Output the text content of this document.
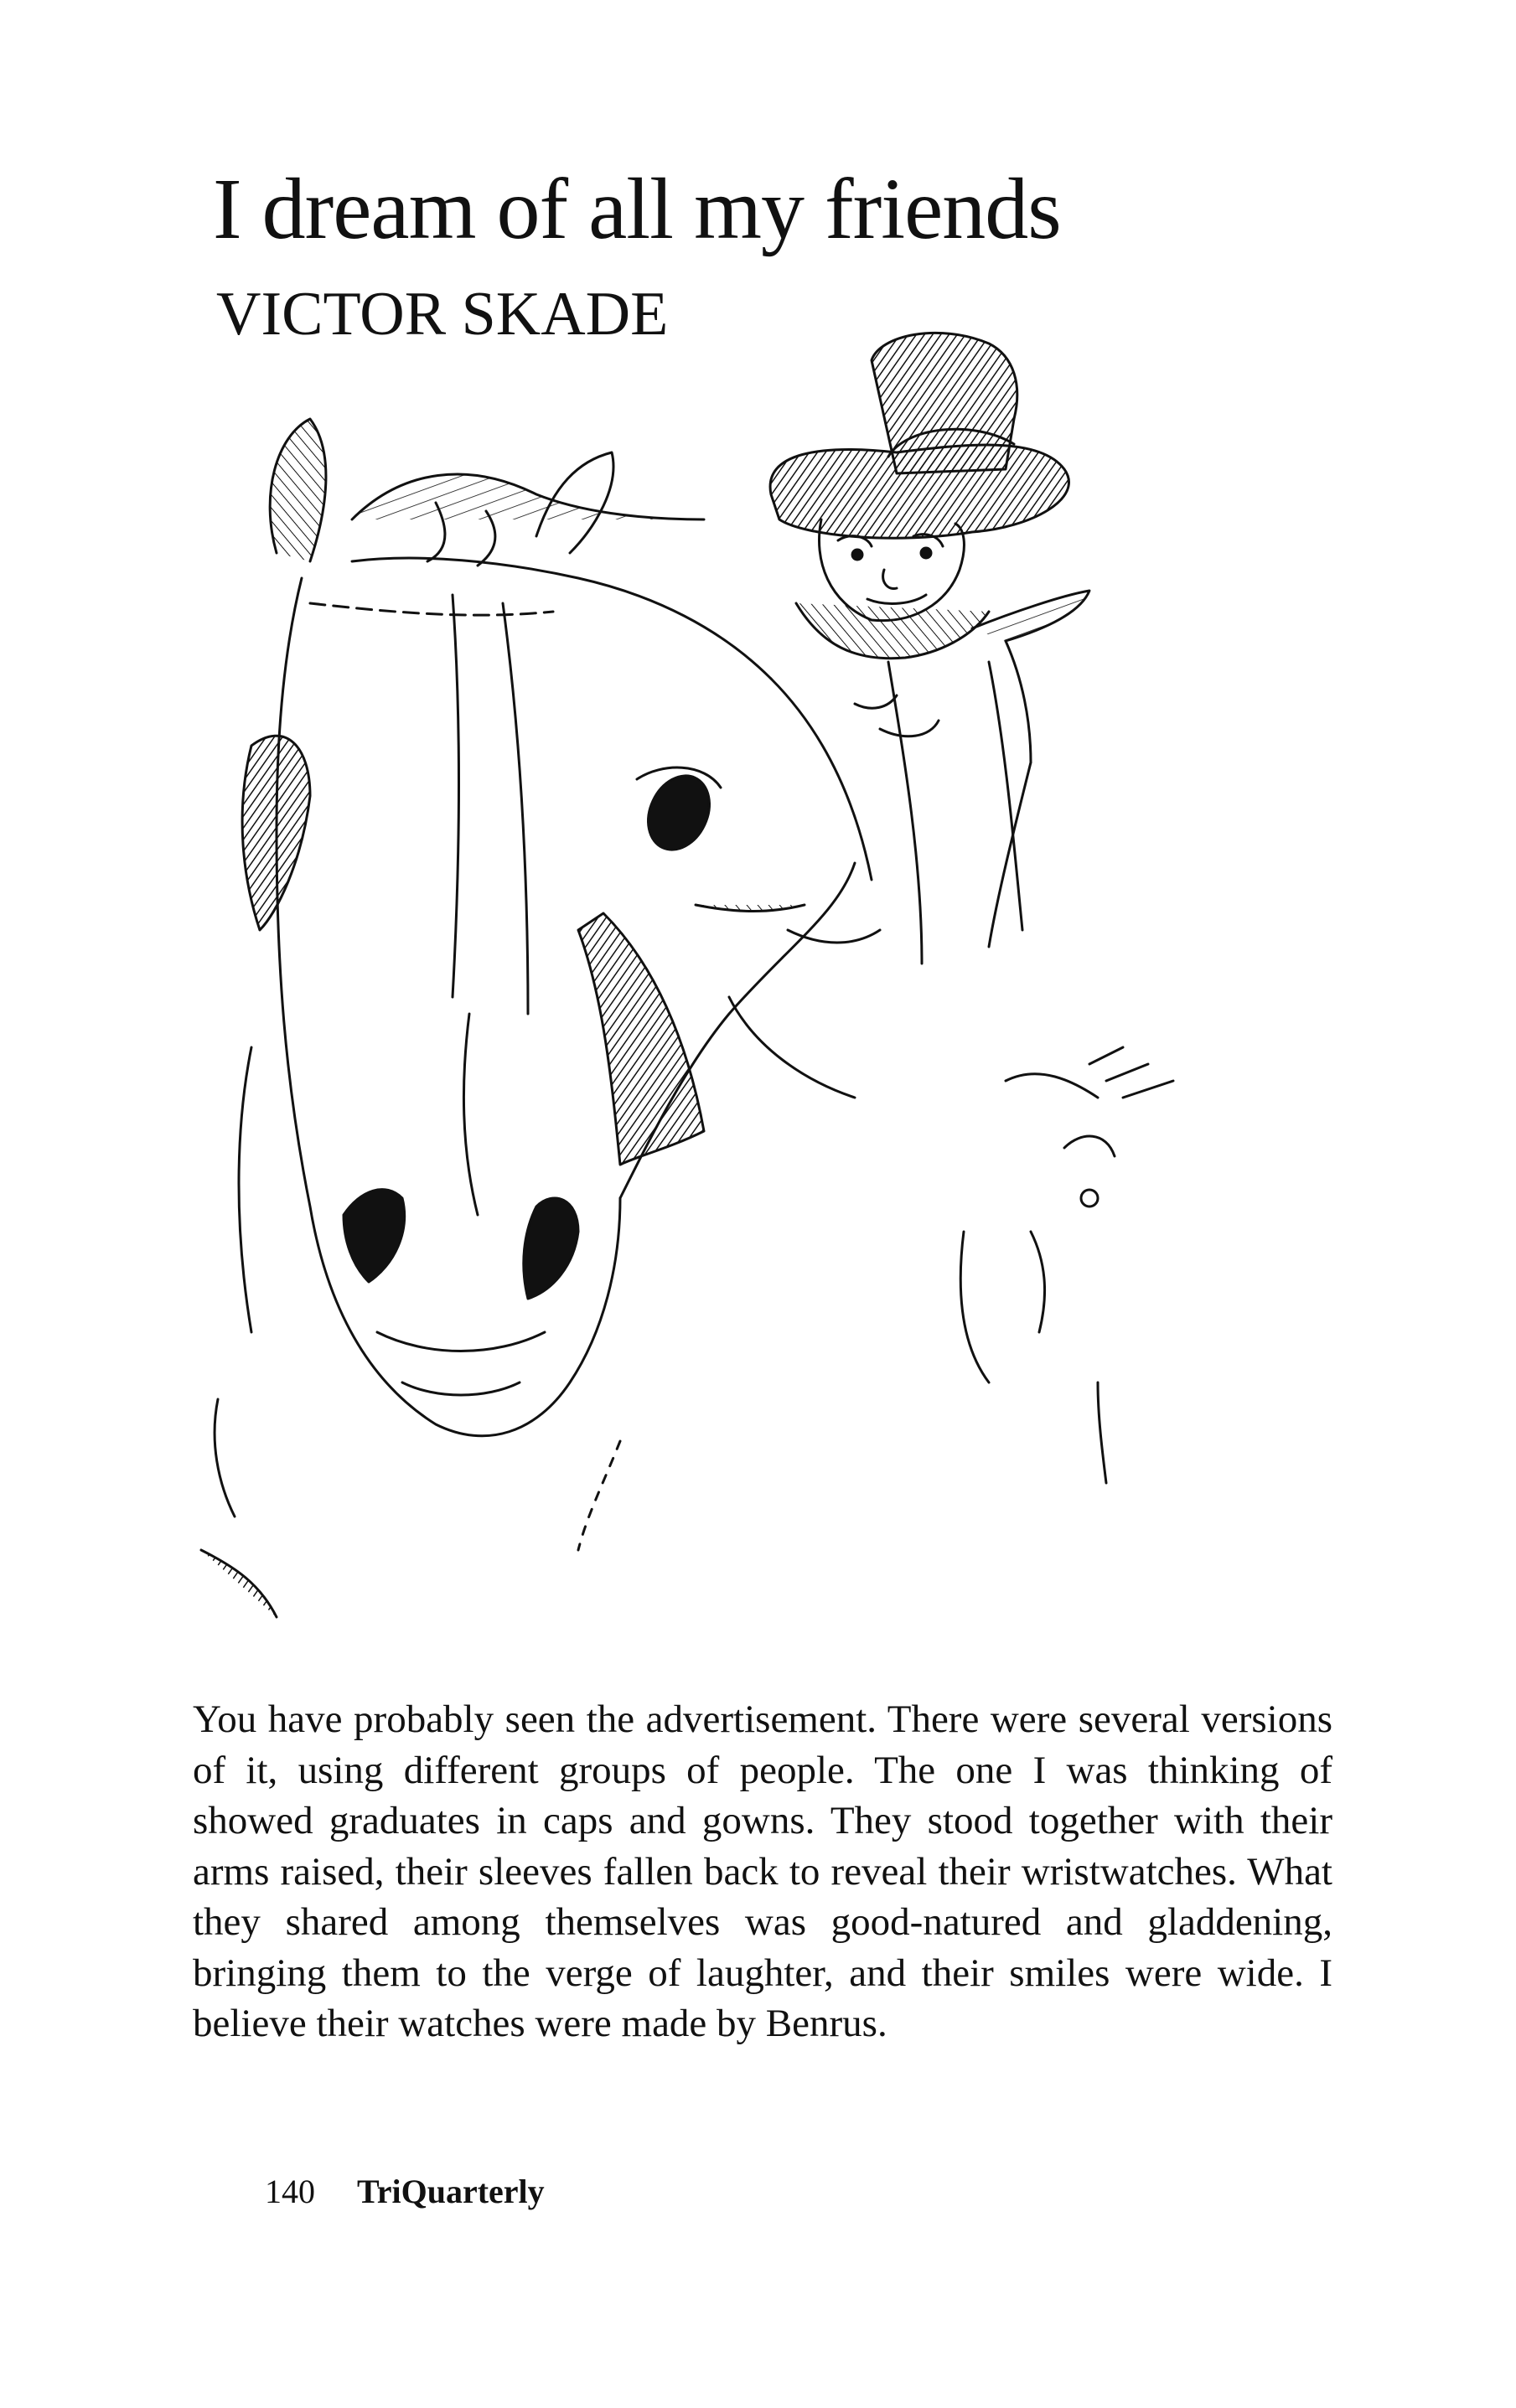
I dream of all my friends
VICTOR SKADE

You have probably seen the advertisement. There were several versions of it, using different groups of people. The one I was thinking of showed graduates in caps and gowns. They stood together with their arms raised, their sleeves fallen back to reveal their wristwatches. What they shared among themselves was good-natured and gladdening, bringing them to the verge of laughter, and their smiles were wide. I believe their watches were made by Benrus.

140 TriQuarterly
